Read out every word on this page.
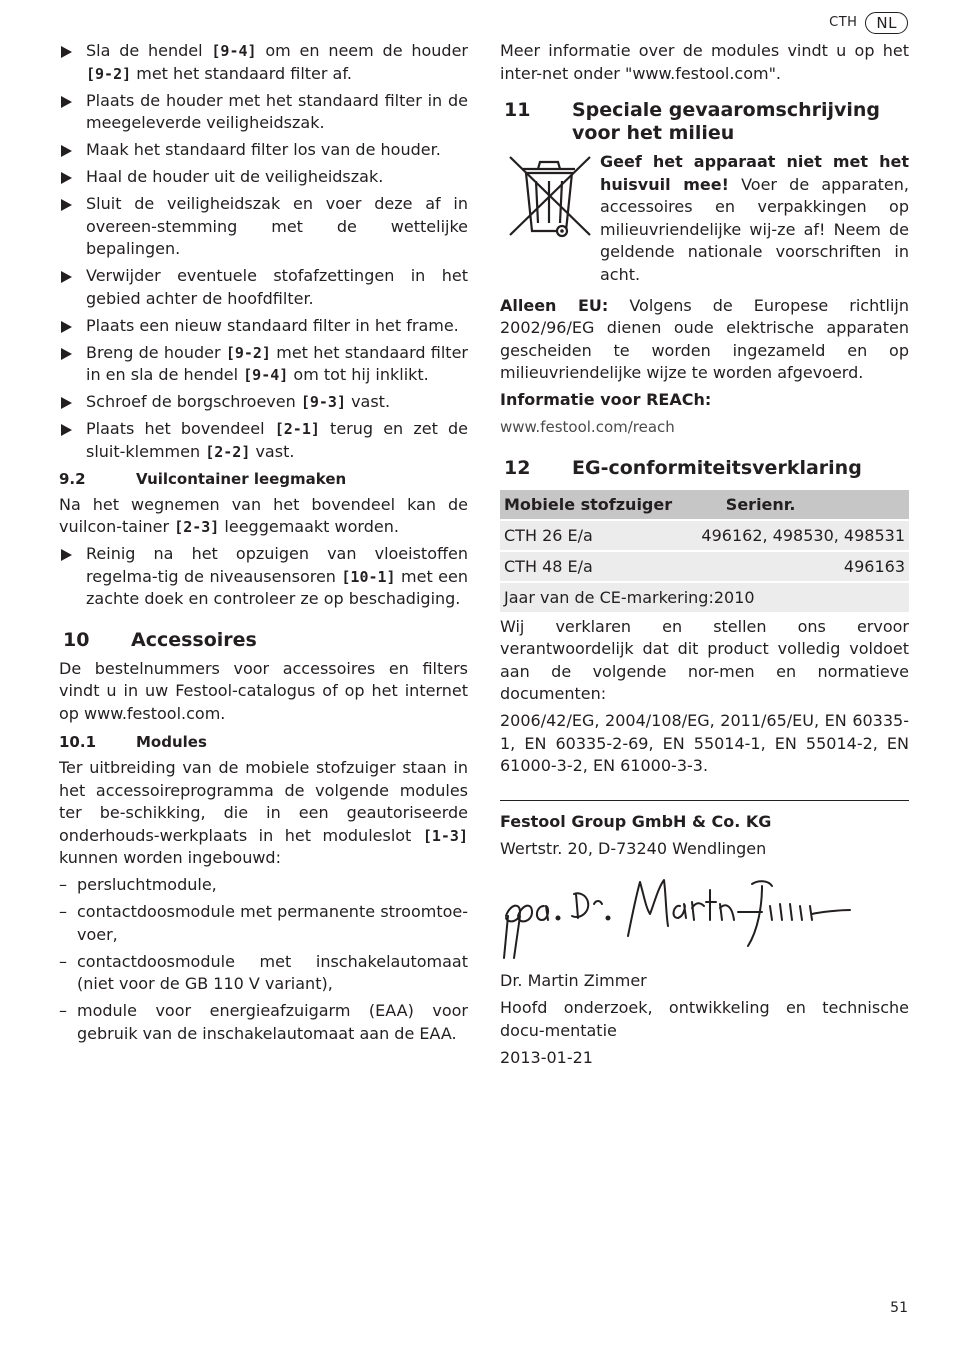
CTH	NL
Sla de hendel [9-4] om en neem de houder [9-2] met het standaard filter af.
Plaats de houder met het standaard filter in de meegeleverde veiligheidszak.
Maak het standaard filter los van de houder.
Haal de houder uit de veiligheidszak.
Sluit de veiligheidszak en voer deze af in overeen-stemming met de wettelijke bepalingen.
Verwijder eventuele stofafzettingen in het gebied achter de hoofdfilter.
Plaats een nieuw standaard filter in het frame.
Breng de houder [9-2] met het standaard filter in en sla de hendel [9-4] om tot hij inklikt.
Schroef de borgschroeven [9-3] vast.
Plaats het bovendeel [2-1] terug en zet de sluit-klemmen [2-2] vast.
9.2	Vuilcontainer leegmaken

Na het wegnemen van het bovendeel kan de vuilcon-tainer [2-3] leeggemaakt worden.

Reinig na het opzuigen van vloeistoffen regelma-tig de niveausensoren [10-1] met een zachte doek en controleer ze op beschadiging.
10	Accessoires

De bestelnummers voor accessoires en filters vindt u in uw Festool-catalogus of op het internet op www.festool.com.

10.1	Modules

Ter uitbreiding van de mobiele stofzuiger staan in het accessoireprogramma de volgende modules ter be-schikking, die in een geautoriseerde onderhouds-werkplaats in het moduleslot [1-3] kunnen worden ingebouwd:

– persluchtmodule,
– contactdoosmodule met permanente stroomtoe-voer,
– contactdoosmodule met inschakelautomaat (niet voor de GB 110 V variant),
– module voor energieafzuigarm (EAA) voor gebruik van de inschakelautomaat aan de EAA.

Meer informatie over de modules vindt u op het inter-net onder "www.festool.com".

11	Speciale gevaaromschrijving voor het milieu

Geef het apparaat niet met het huisvuil mee! Voer de apparaten, accessoires en verpakkingen op milieuvriendelijke wij-ze af! Neem de geldende nationale voorschriften in acht.

Alleen EU: Volgens de Europese richtlijn 2002/96/EG dienen oude elektrische apparaten gescheiden te worden ingezameld en op milieuvriendelijke wijze te worden afgevoerd.

Informatie voor REACh:

www.festool.com/reach

12	EG-conformiteitsverklaring
Mobiele stofzuiger	Serienr.
CTH 26 E/a	496162, 498530, 498531
CTH 48 E/a	496163
Jaar van de CE-markering:2010	

Wij verklaren en stellen ons ervoor verantwoordelijk dat dit product volledig voldoet aan de volgende nor-men en normatieve documenten:

2006/42/EG, 2004/108/EG, 2011/65/EU, EN 60335-1, EN 60335-2-69, EN 55014-1, EN 55014-2, EN 61000-3-2, EN 61000-3-3.

Festool Group GmbH & Co. KG

Wertstr. 20, D-73240 Wendlingen

Dr. Martin Zimmer

Hoofd onderzoek, ontwikkeling en technische docu-mentatie

2013-01-21

51
